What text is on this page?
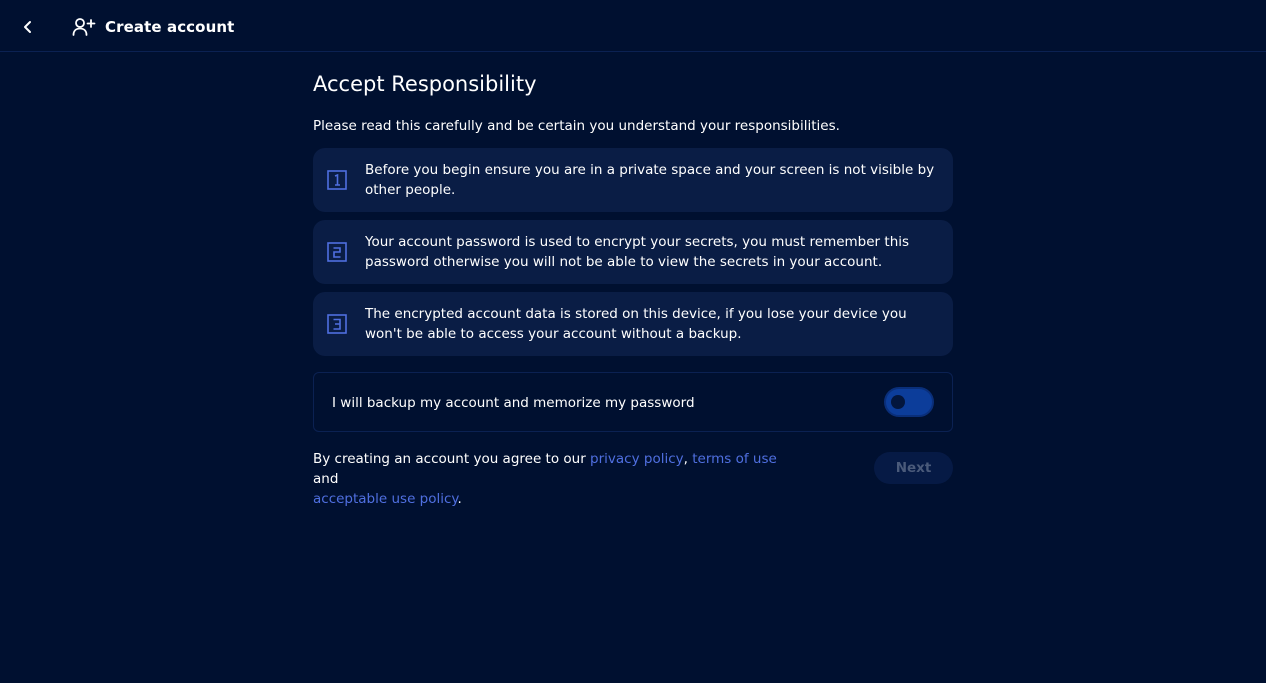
Create account
Accept Responsibility

Please read this carefully and be certain you understand your responsibilities.

Before you begin ensure you are in a private space and your screen is not visible by other people.
Your account password is used to encrypt your secrets, you must remember this password otherwise you will not be able to view the secrets in your account.
The encrypted account data is stored on this device, if you lose your device you won't be able to access your account without a backup.
I will backup my account and memorize my password
By creating an account you agree to our privacy policy, terms of use and
acceptable use policy.
Next
